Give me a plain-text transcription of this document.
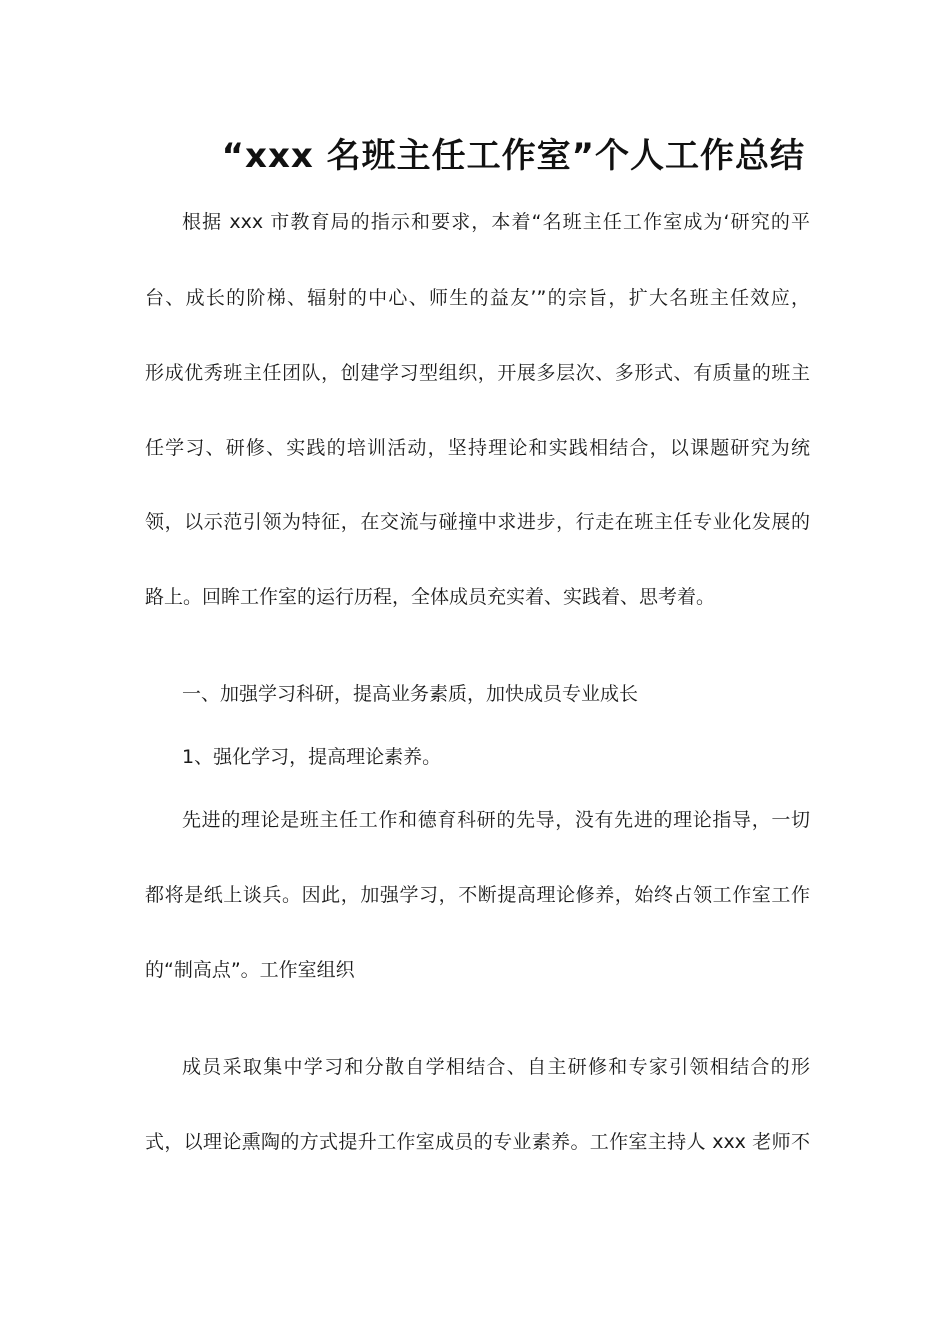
“xxx 名班主任工作室”个人工作总结
根据 xxx 市教育局的指示和要求，本着“名班主任工作室成为‘研究的平
台、成长的阶梯、辐射的中心、师生的益友’”的宗旨，扩大名班主任效应，
形成优秀班主任团队，创建学习型组织，开展多层次、多形式、有质量的班主
任学习、研修、实践的培训活动，坚持理论和实践相结合，以课题研究为统
领，以示范引领为特征，在交流与碰撞中求进步，行走在班主任专业化发展的
路上。回眸工作室的运行历程，全体成员充实着、实践着、思考着。
一、加强学习科研，提高业务素质，加快成员专业成长
1、强化学习，提高理论素养。
先进的理论是班主任工作和德育科研的先导，没有先进的理论指导，一切
都将是纸上谈兵。因此，加强学习，不断提高理论修养，始终占领工作室工作
的“制高点”。工作室组织
成员采取集中学习和分散自学相结合、自主研修和专家引领相结合的形
式，以理论熏陶的方式提升工作室成员的专业素养。工作室主持人 xxx 老师不
